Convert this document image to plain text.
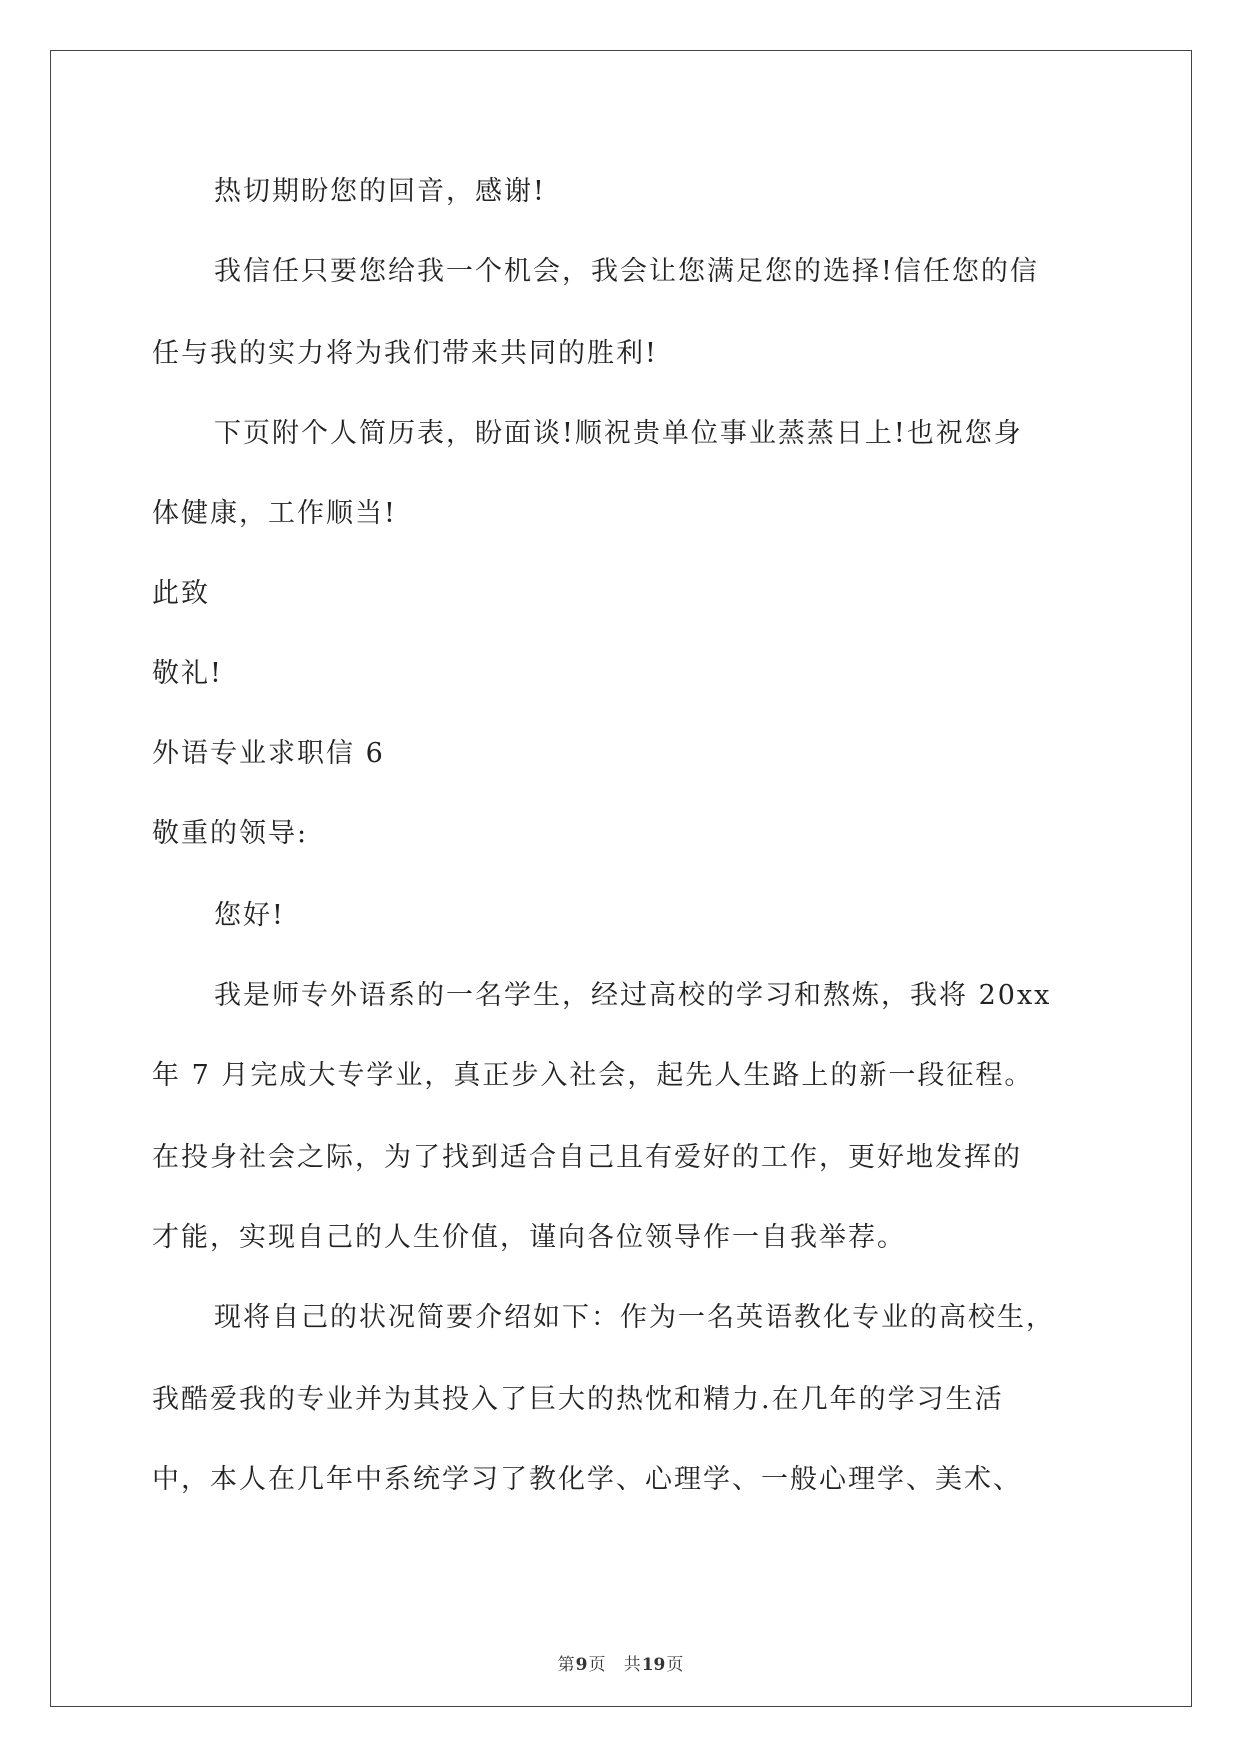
热切期盼您的回音，感谢!
我信任只要您给我一个机会，我会让您满足您的选择!信任您的信
任与我的实力将为我们带来共同的胜利!
下页附个人简历表，盼面谈!顺祝贵单位事业蒸蒸日上!也祝您身
体健康，工作顺当!
此致
敬礼!
外语专业求职信 6
敬重的领导:
您好!
我是师专外语系的一名学生，经过高校的学习和熬炼，我将 20xx
年 7 月完成大专学业，真正步入社会，起先人生路上的新一段征程。
在投身社会之际，为了找到适合自己且有爱好的工作，更好地发挥的
才能，实现自己的人生价值，谨向各位领导作一自我举荐。
现将自己的状况简要介绍如下：作为一名英语教化专业的高校生，
我酷爱我的专业并为其投入了巨大的热忱和精力.在几年的学习生活
中，本人在几年中系统学习了教化学、心理学、一般心理学、美术、
第9页 共19页
